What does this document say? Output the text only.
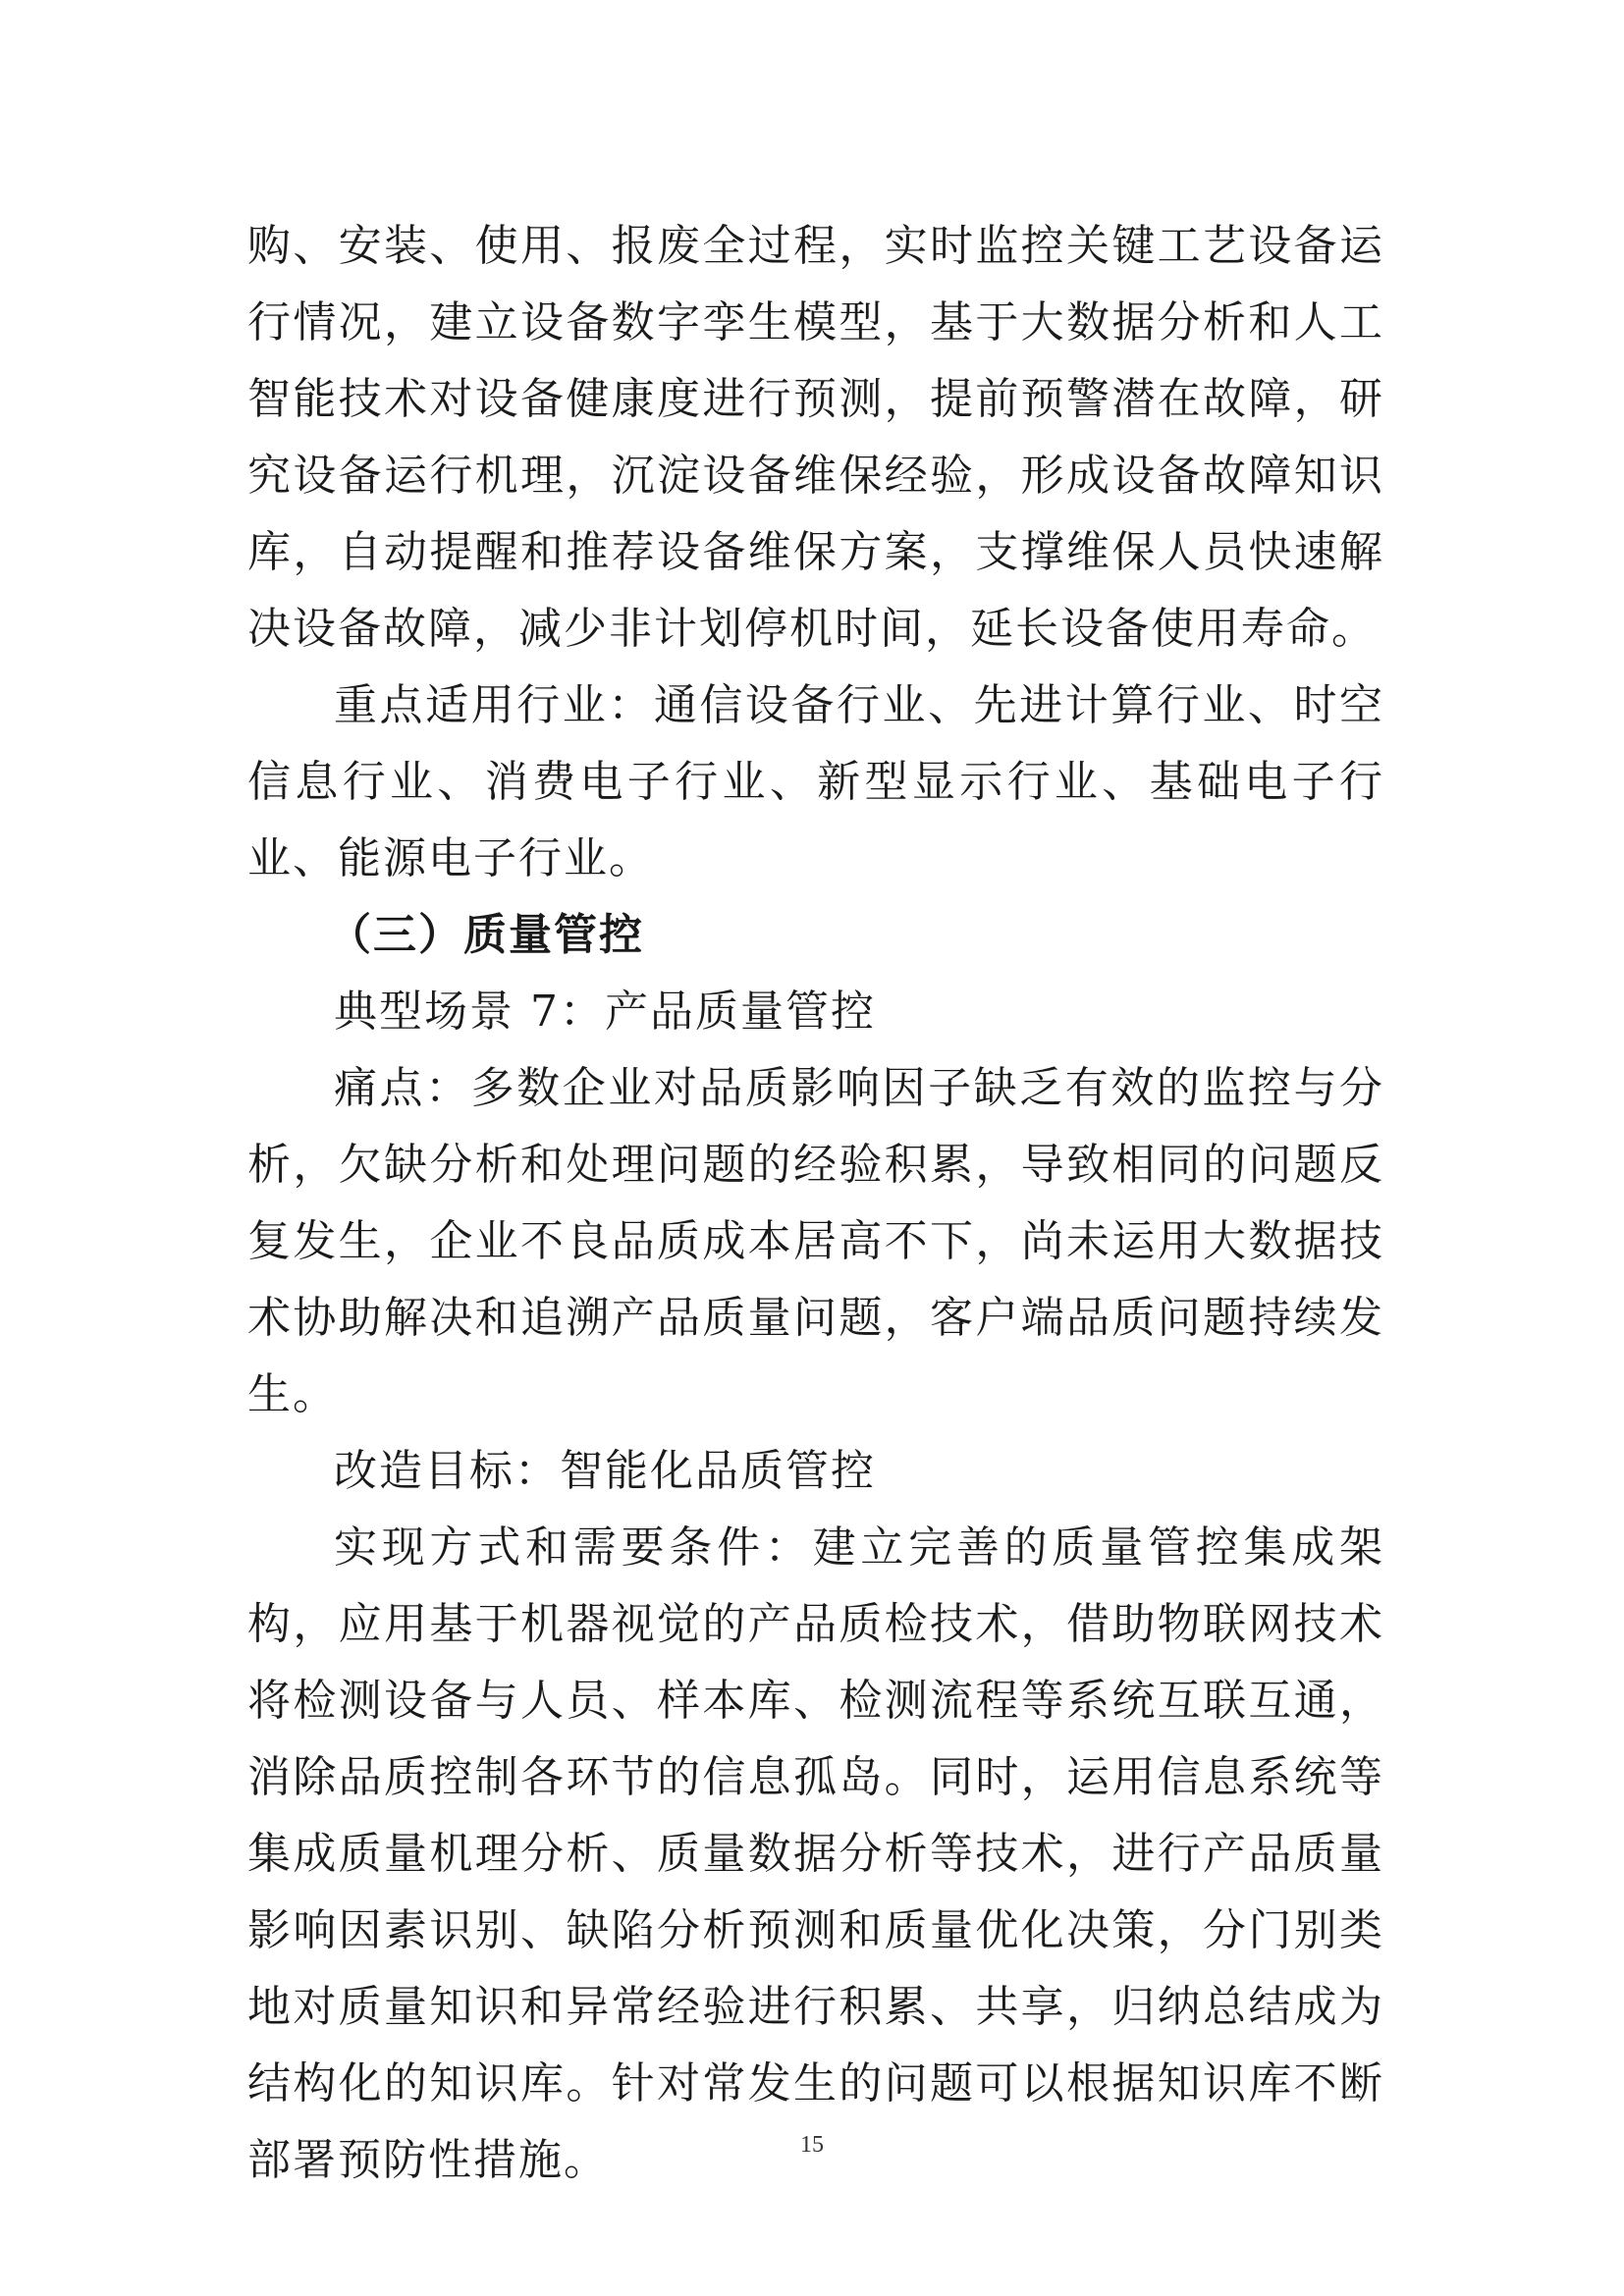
购、安装、使用、报废全过程，实时监控关键工艺设备运行情况，建立设备数字孪生模型，基于大数据分析和人工智能技术对设备健康度进行预测，提前预警潜在故障，研究设备运行机理，沉淀设备维保经验，形成设备故障知识库，自动提醒和推荐设备维保方案，支撑维保人员快速解决设备故障，减少非计划停机时间，延长设备使用寿命。

重点适用行业：通信设备行业、先进计算行业、时空信息行业、消费电子行业、新型显示行业、基础电子行业、能源电子行业。

（三）质量管控

典型场景 7：产品质量管控

痛点：多数企业对品质影响因子缺乏有效的监控与分析，欠缺分析和处理问题的经验积累，导致相同的问题反复发生，企业不良品质成本居高不下，尚未运用大数据技术协助解决和追溯产品质量问题，客户端品质问题持续发生。

改造目标：智能化品质管控

实现方式和需要条件：建立完善的质量管控集成架构，应用基于机器视觉的产品质检技术，借助物联网技术将检测设备与人员、样本库、检测流程等系统互联互通，消除品质控制各环节的信息孤岛。同时，运用信息系统等集成质量机理分析、质量数据分析等技术，进行产品质量影响因素识别、缺陷分析预测和质量优化决策，分门别类地对质量知识和异常经验进行积累、共享，归纳总结成为结构化的知识库。针对常发生的问题可以根据知识库不断部署预防性措施。	15
